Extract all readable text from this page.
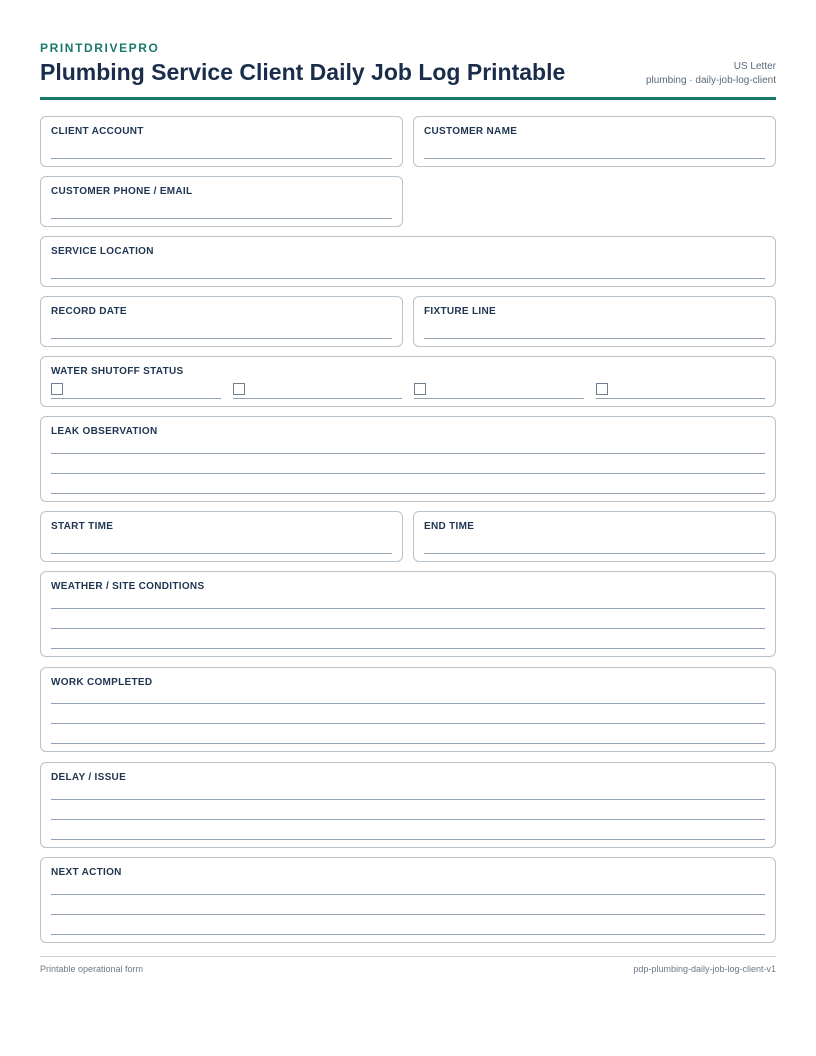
PRINTDRIVEPRO
Plumbing Service Client Daily Job Log Printable	US Letter
plumbing · daily-job-log-client
CLIENT ACCOUNT	CUSTOMER NAME
CUSTOMER PHONE / EMAIL
SERVICE LOCATION
RECORD DATE	FIXTURE LINE
WATER SHUTOFF STATUS
LEAK OBSERVATION
START TIME	END TIME
WEATHER / SITE CONDITIONS
WORK COMPLETED
DELAY / ISSUE
NEXT ACTION
Printable operational form	pdp-plumbing-daily-job-log-client-v1
